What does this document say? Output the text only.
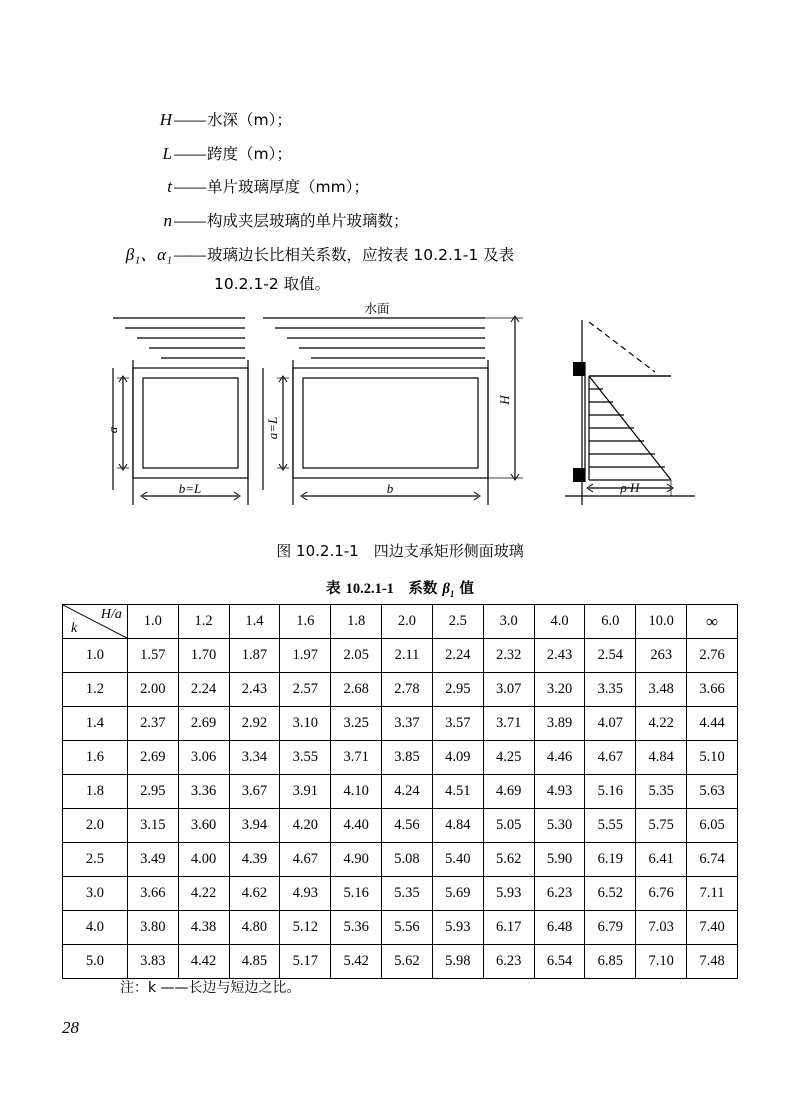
H —— 水深（m）；
L —— 跨度（m）；
t —— 单片玻璃厚度（mm）；
n —— 构成夹层玻璃的单片玻璃数；
β₁、α₁ —— 玻璃边长比相关系数，应按表 10.2.1-1 及表
10.2.1-2 取值。
水面
a
b=L
a=L
b
H
ρ·H
图 10.2.1-1　四边支承矩形侧面玻璃
表 10.2.1-1　系数 $\beta_1$ 值
H/a
k	1.0	1.2	1.4	1.6	1.8	2.0	2.5	3.0	4.0	6.0	10.0	∞
1.0	1.57	1.70	1.87	1.97	2.05	2.11	2.24	2.32	2.43	2.54	263	2.76
1.2	2.00	2.24	2.43	2.57	2.68	2.78	2.95	3.07	3.20	3.35	3.48	3.66
1.4	2.37	2.69	2.92	3.10	3.25	3.37	3.57	3.71	3.89	4.07	4.22	4.44
1.6	2.69	3.06	3.34	3.55	3.71	3.85	4.09	4.25	4.46	4.67	4.84	5.10
1.8	2.95	3.36	3.67	3.91	4.10	4.24	4.51	4.69	4.93	5.16	5.35	5.63
2.0	3.15	3.60	3.94	4.20	4.40	4.56	4.84	5.05	5.30	5.55	5.75	6.05
2.5	3.49	4.00	4.39	4.67	4.90	5.08	5.40	5.62	5.90	6.19	6.41	6.74
3.0	3.66	4.22	4.62	4.93	5.16	5.35	5.69	5.93	6.23	6.52	6.76	7.11
4.0	3.80	4.38	4.80	5.12	5.36	5.56	5.93	6.17	6.48	6.79	7.03	7.40
5.0	3.83	4.42	4.85	5.17	5.42	5.62	5.98	6.23	6.54	6.85	7.10	7.48
注：k ——长边与短边之比。
28
